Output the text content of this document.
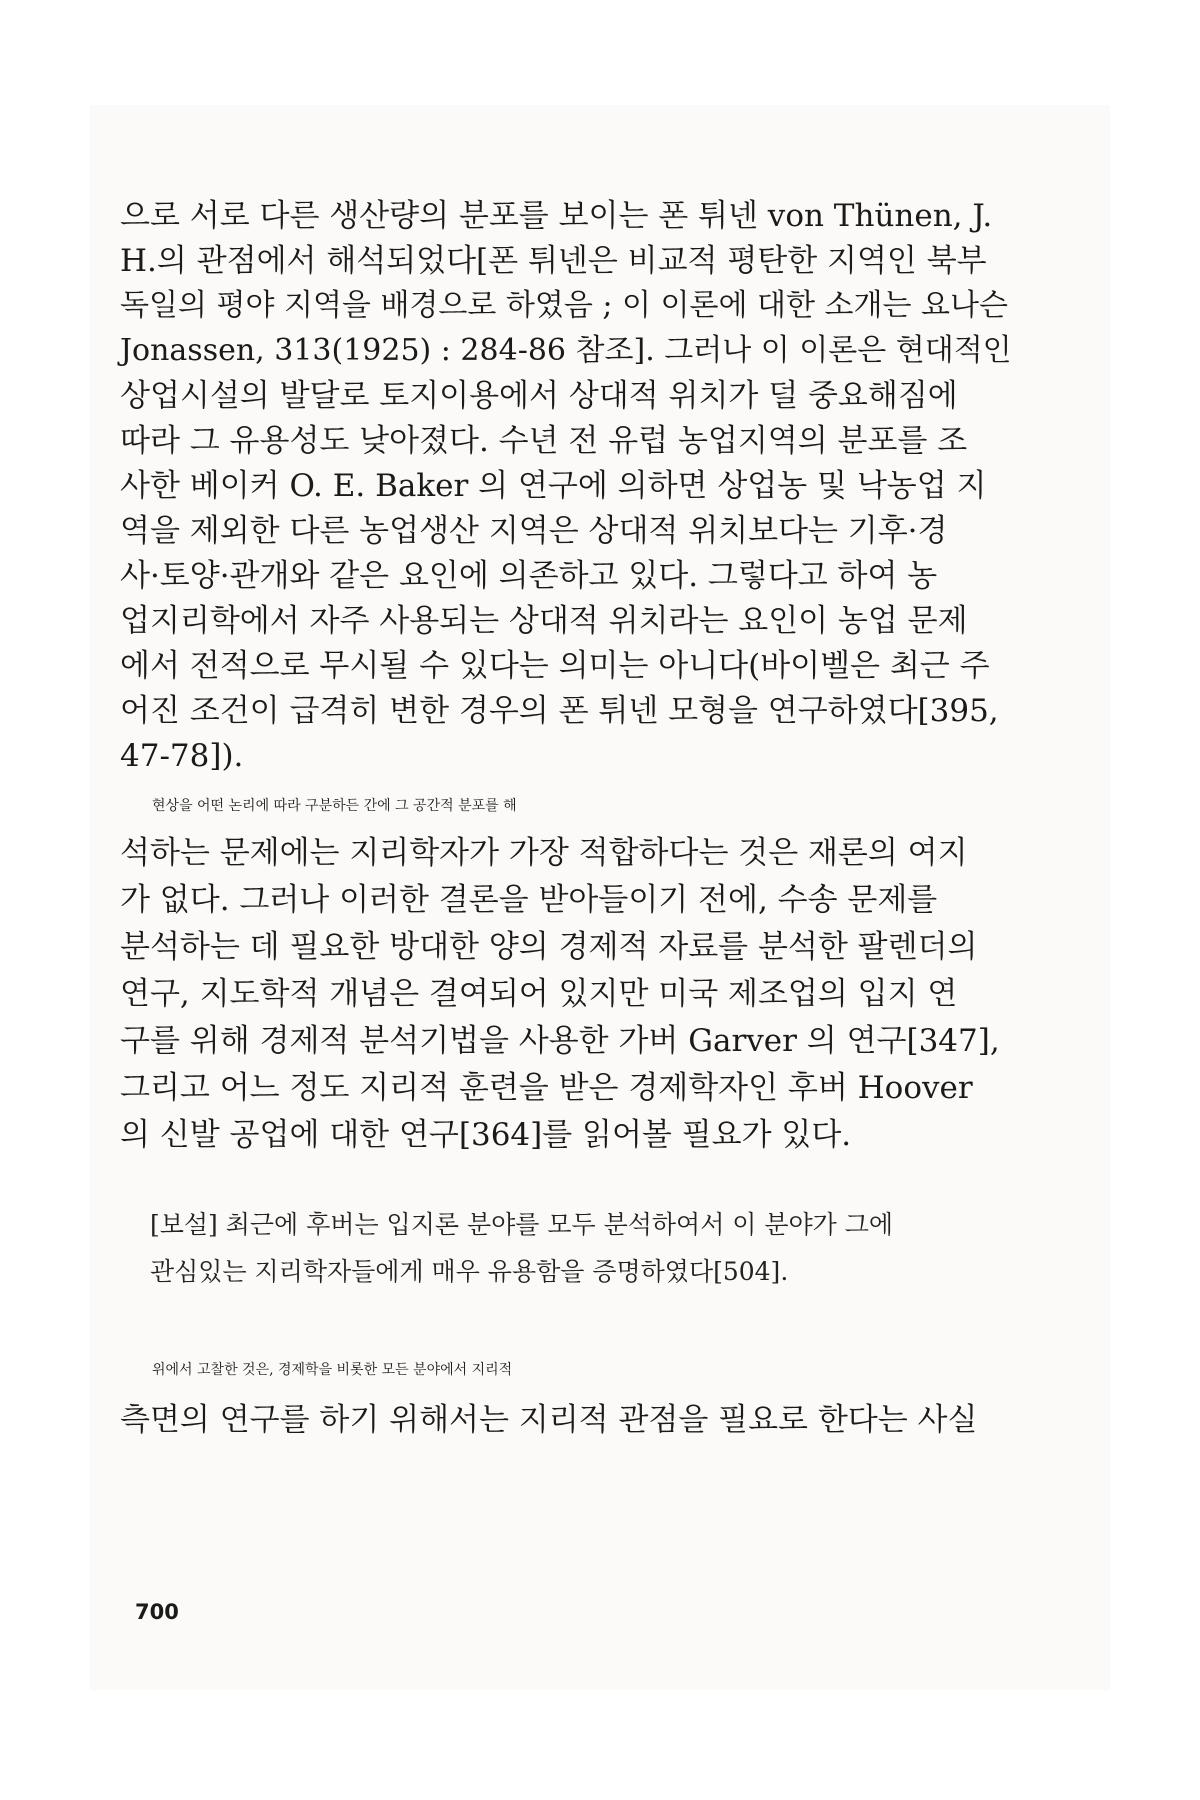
으로 서로 다른 생산량의 분포를 보이는 폰 튀넨 von Thünen, J.
H.의 관점에서 해석되었다[폰 튀넨은 비교적 평탄한 지역인 북부
독일의 평야 지역을 배경으로 하였음 ; 이 이론에 대한 소개는 요나슨
Jonassen, 313(1925) : 284-86 참조]. 그러나 이 이론은 현대적인
상업시설의 발달로 토지이용에서 상대적 위치가 덜 중요해짐에
따라 그 유용성도 낮아졌다. 수년 전 유럽 농업지역의 분포를 조
사한 베이커 O. E. Baker 의 연구에 의하면 상업농 및 낙농업 지
역을 제외한 다른 농업생산 지역은 상대적 위치보다는 기후·경
사·토양·관개와 같은 요인에 의존하고 있다. 그렇다고 하여 농
업지리학에서 자주 사용되는 상대적 위치라는 요인이 농업 문제
에서 전적으로 무시될 수 있다는 의미는 아니다(바이벨은 최근 주
어진 조건이 급격히 변한 경우의 폰 튀넨 모형을 연구하였다[395,
47-78]).
현상을 어떤 논리에 따라 구분하든 간에 그 공간적 분포를 해
석하는 문제에는 지리학자가 가장 적합하다는 것은 재론의 여지
가 없다. 그러나 이러한 결론을 받아들이기 전에, 수송 문제를
분석하는 데 필요한 방대한 양의 경제적 자료를 분석한 팔렌더의
연구, 지도학적 개념은 결여되어 있지만 미국 제조업의 입지 연
구를 위해 경제적 분석기법을 사용한 가버 Garver 의 연구[347],
그리고 어느 정도 지리적 훈련을 받은 경제학자인 후버 Hoover
의 신발 공업에 대한 연구[364]를 읽어볼 필요가 있다.
[보설] 최근에 후버는 입지론 분야를 모두 분석하여서 이 분야가 그에
관심있는 지리학자들에게 매우 유용함을 증명하였다[504].
위에서 고찰한 것은, 경제학을 비롯한 모든 분야에서 지리적
측면의 연구를 하기 위해서는 지리적 관점을 필요로 한다는 사실
700
